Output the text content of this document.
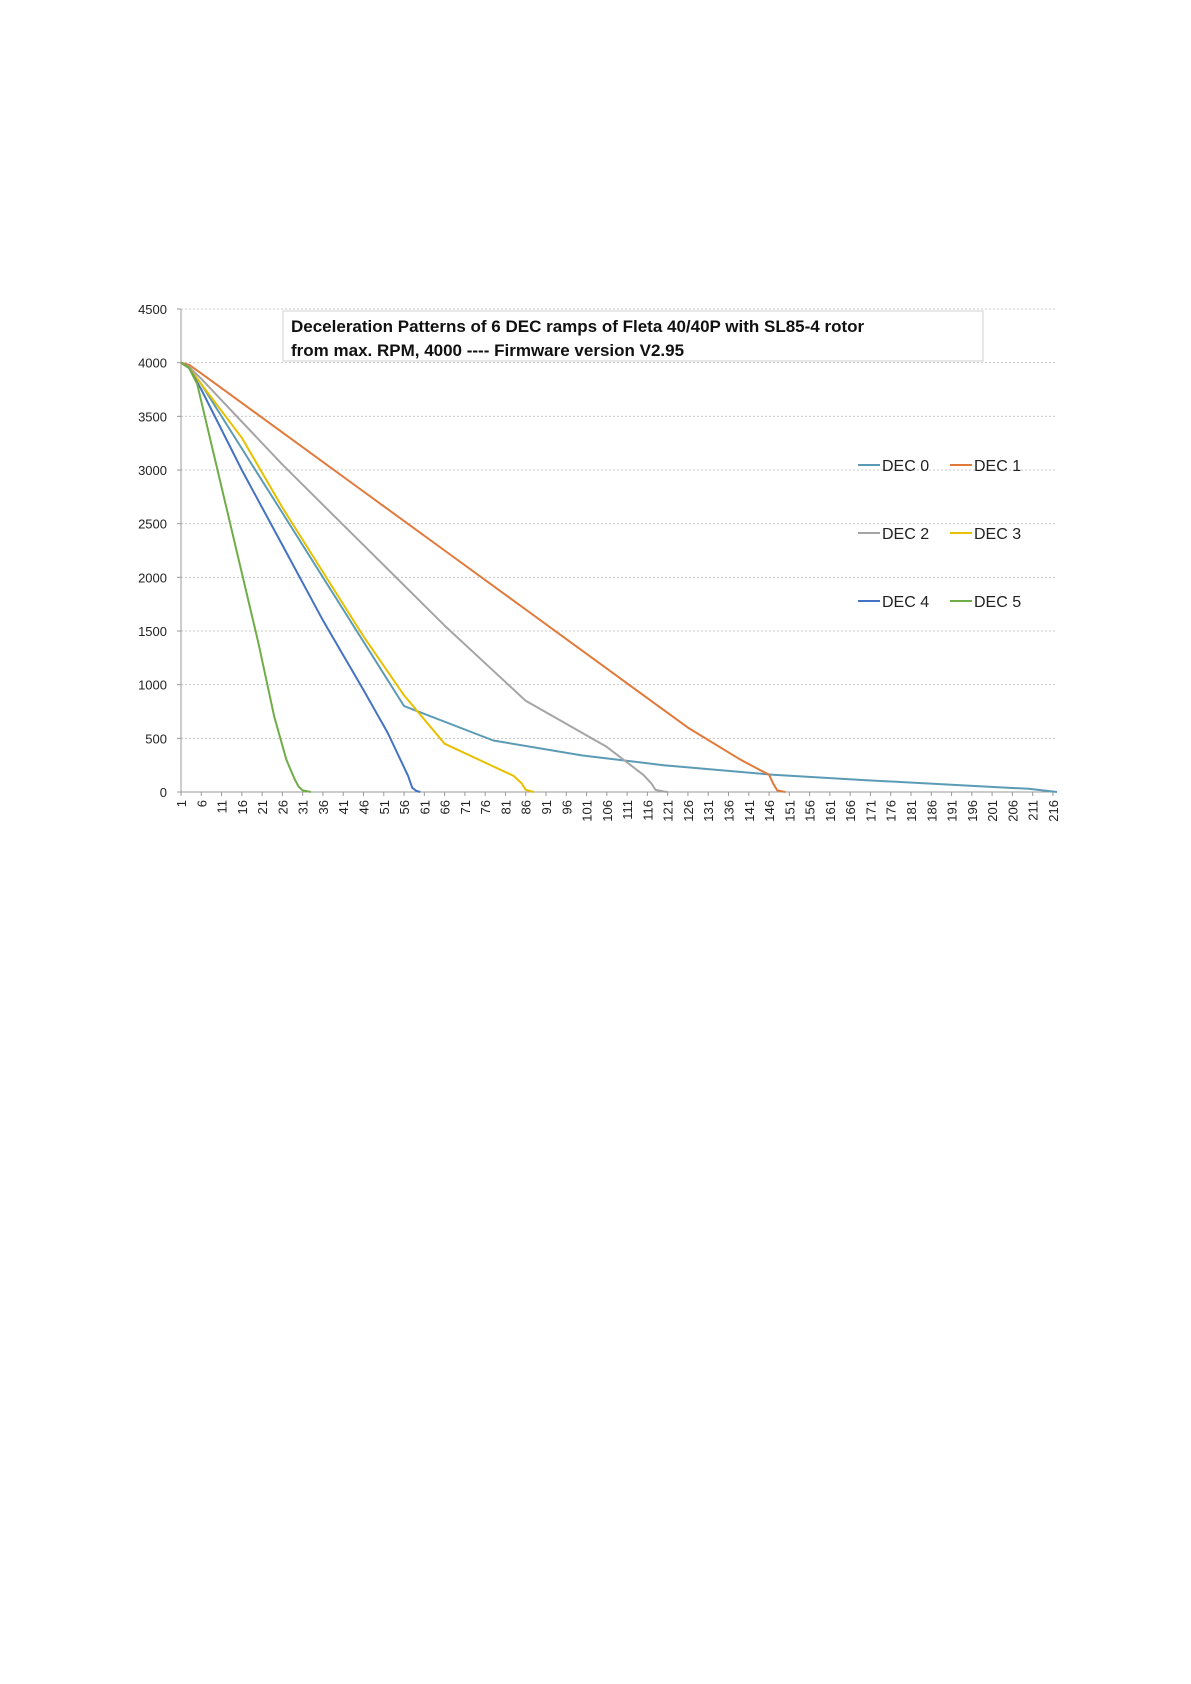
0
500
1000
1500
2000
2500
3000
3500
4000
4500
1 6 11 16 21 26 31 36 41 46 51 56 61 66 71 76 81 86 91 96 101 106 111 116 121 126 131 136 141 146 151 156 161 166 171 176 181 186 191 196 201 206 211 216
Deceleration Patterns of 6 DEC ramps of Fleta 40/40P with SL85-4 rotor
from max. RPM, 4000 ---- Firmware version V2.95
DEC 0	DEC 1
DEC 2	DEC 3
DEC 4	DEC 5
